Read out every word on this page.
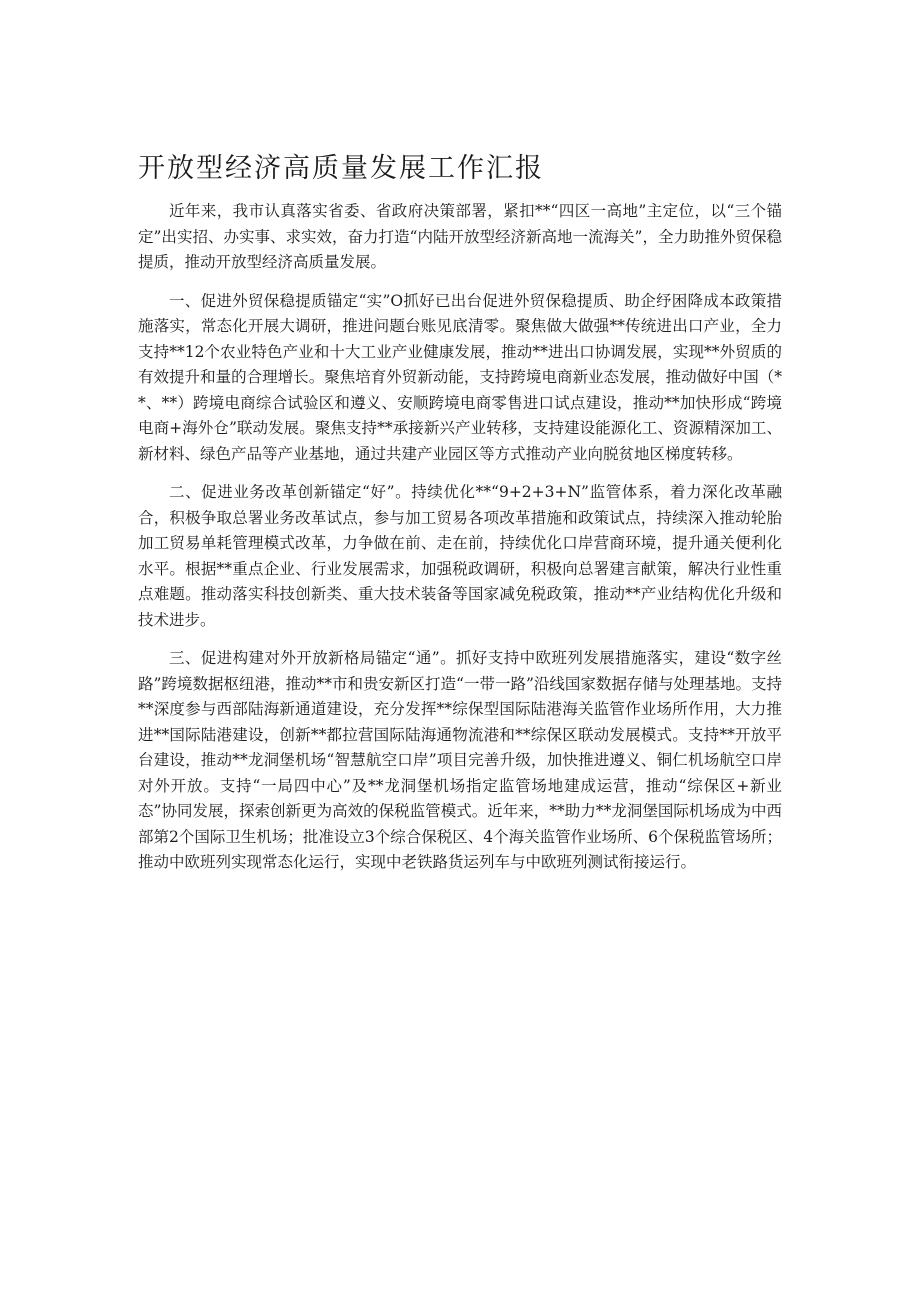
开放型经济高质量发展工作汇报

近年来，我市认真落实省委、省政府决策部署，紧扣**“四区一高地”主定位，以“三个锚定”出实招、办实事、求实效，奋力打造“内陆开放型经济新高地一流海关”，全力助推外贸保稳提质，推动开放型经济高质量发展。

一、促进外贸保稳提质锚定“实”O抓好已出台促进外贸保稳提质、助企纾困降成本政策措施落实，常态化开展大调研，推进问题台账见底清零。聚焦做大做强**传统进出口产业，全力支持**12个农业特色产业和十大工业产业健康发展，推动**进出口协调发展，实现**外贸质的有效提升和量的合理增长。聚焦培育外贸新动能，支持跨境电商新业态发展，推动做好中国（**、**）跨境电商综合试验区和遵义、安顺跨境电商零售进口试点建设，推动**加快形成“跨境电商+海外仓”联动发展。聚焦支持**承接新兴产业转移，支持建设能源化工、资源精深加工、新材料、绿色产品等产业基地，通过共建产业园区等方式推动产业向脱贫地区梯度转移。

二、促进业务改革创新锚定“好”。持续优化**“9+2+3+N”监管体系，着力深化改革融合，积极争取总署业务改革试点，参与加工贸易各项改革措施和政策试点，持续深入推动轮胎加工贸易单耗管理模式改革，力争做在前、走在前，持续优化口岸营商环境，提升通关便利化水平。根据**重点企业、行业发展需求，加强税政调研，积极向总署建言献策，解决行业性重点难题。推动落实科技创新类、重大技术装备等国家减免税政策，推动**产业结构优化升级和技术进步。

三、促进构建对外开放新格局锚定“通”。抓好支持中欧班列发展措施落实，建设“数字丝路”跨境数据枢纽港，推动**市和贵安新区打造“一带一路”沿线国家数据存储与处理基地。支持**深度参与西部陆海新通道建设，充分发挥**综保型国际陆港海关监管作业场所作用，大力推进**国际陆港建设，创新**都拉营国际陆海通物流港和**综保区联动发展模式。支持**开放平台建设，推动**龙洞堡机场“智慧航空口岸”项目完善升级，加快推进遵义、铜仁机场航空口岸对外开放。支持“一局四中心”及**龙洞堡机场指定监管场地建成运营，推动“综保区+新业态”协同发展，探索创新更为高效的保税监管模式。近年来，**助力**龙洞堡国际机场成为中西部第2个国际卫生机场；批准设立3个综合保税区、4个海关监管作业场所、6个保税监管场所；推动中欧班列实现常态化运行，实现中老铁路货运列车与中欧班列测试衔接运行。
